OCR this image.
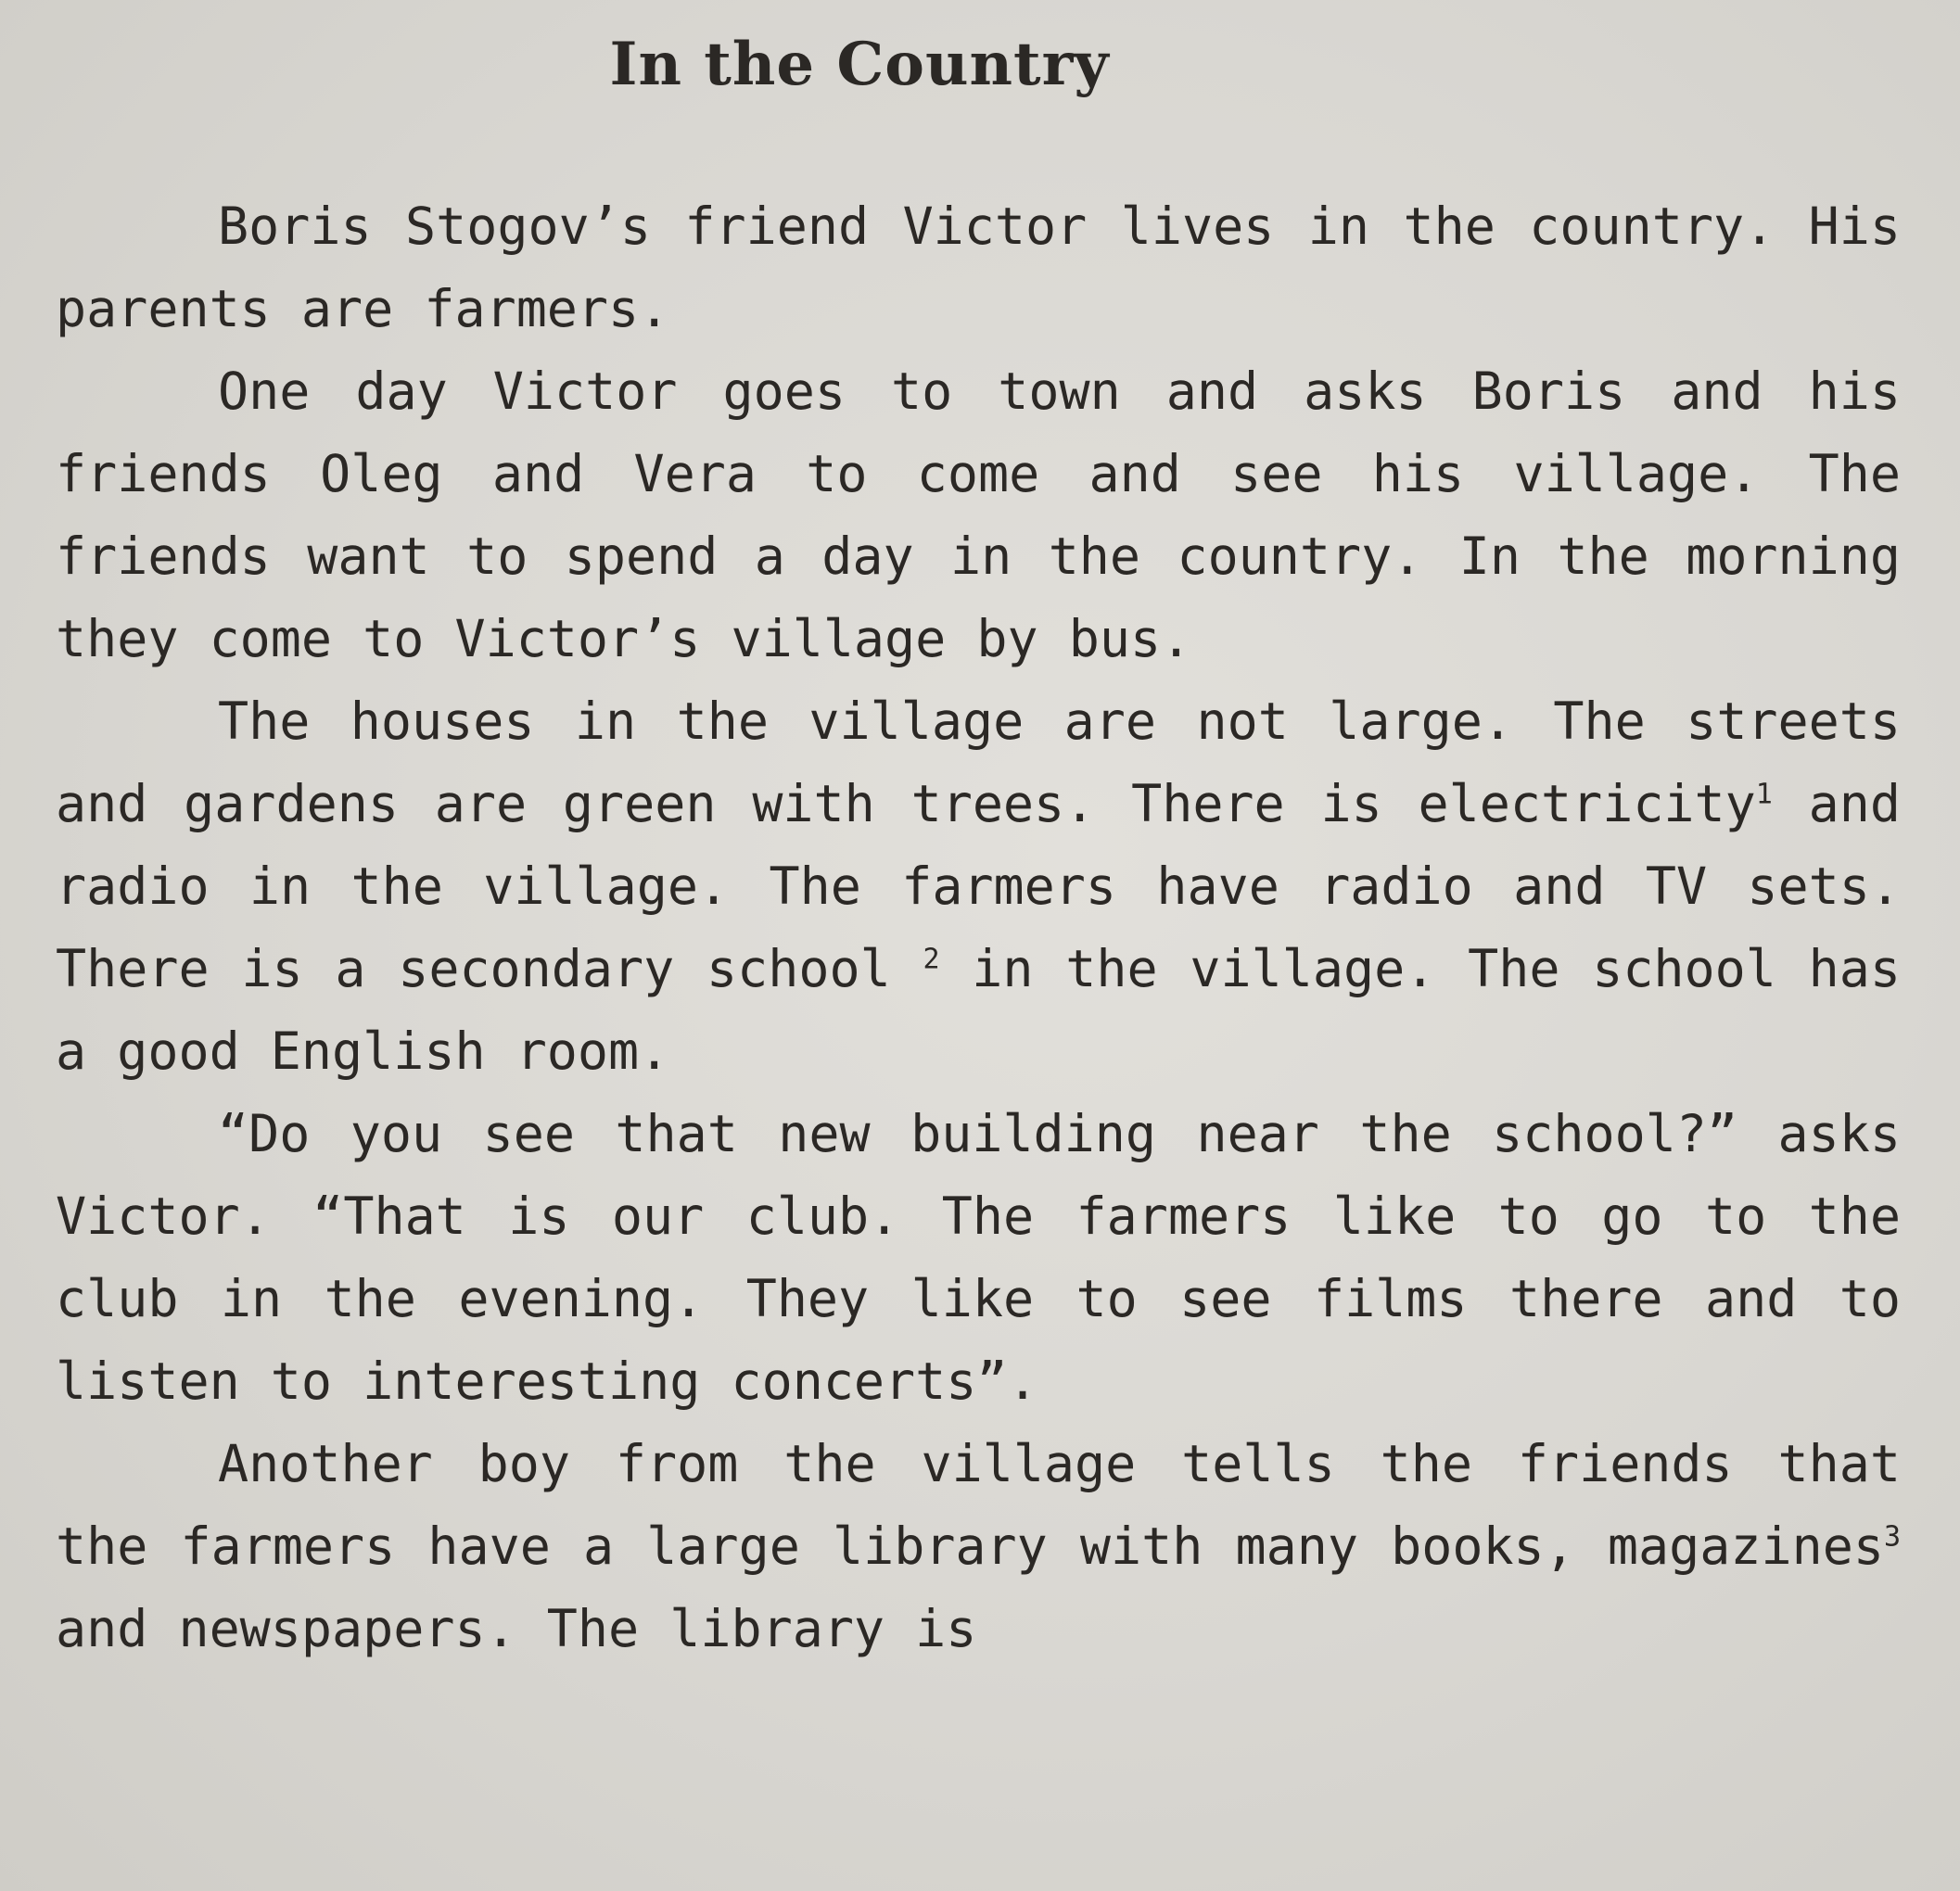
In the Country

Boris Stogov’s friend Victor lives in the country. His parents are farmers.

One day Victor goes to town and asks Boris and his friends Oleg and Vera to come and see his village. The friends want to spend a day in the country. In the morning they come to Victor’s village by bus.

The houses in the village are not large. The streets and gardens are green with trees. There is electricity$^1$ and radio in the village. The farmers have radio and TV sets. There is a secondary school $^2$ in the village. The school has a good English room.

“Do you see that new building near the school?” asks Victor. “That is our club. The farmers like to go to the club in the evening. They like to see films there and to listen to interesting concerts”.

Another boy from the village tells the friends that the farmers have a large library with many books, magazines$^3$ and newspapers. The library is
